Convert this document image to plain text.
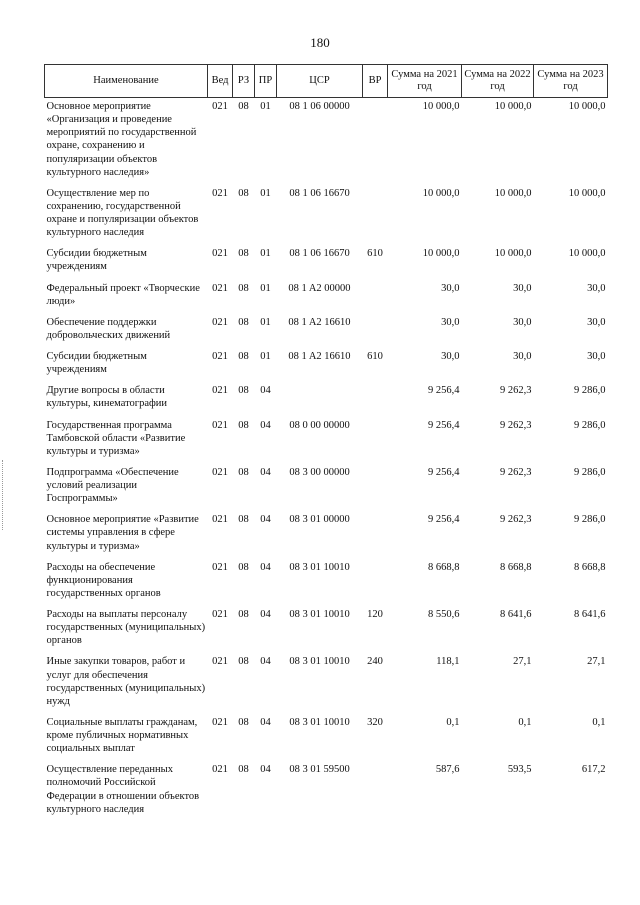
180
Наименование	Вед	РЗ	ПР	ЦСР	ВР	Сумма на 2021 год	Сумма на 2022 год	Сумма на 2023 год
Основное мероприятие «Организация и проведение мероприятий по государственной охране, сохранению и популяризации объектов культурного наследия»	021	08	01	08 1 06 00000		10 000,0	10 000,0	10 000,0
Осуществление мер по сохранению, государственной охране и популяризации объектов культурного наследия	021	08	01	08 1 06 16670		10 000,0	10 000,0	10 000,0
Субсидии бюджетным учреждениям	021	08	01	08 1 06 16670	610	10 000,0	10 000,0	10 000,0
Федеральный проект «Творческие люди»	021	08	01	08 1 A2 00000		30,0	30,0	30,0
Обеспечение поддержки добровольческих движений	021	08	01	08 1 A2 16610		30,0	30,0	30,0
Субсидии бюджетным учреждениям	021	08	01	08 1 A2 16610	610	30,0	30,0	30,0
Другие вопросы в области культуры, кинематографии	021	08	04			9 256,4	9 262,3	9 286,0
Государственная программа Тамбовской области «Развитие культуры и туризма»	021	08	04	08 0 00 00000		9 256,4	9 262,3	9 286,0
Подпрограмма «Обеспечение условий реализации Госпрограммы»	021	08	04	08 3 00 00000		9 256,4	9 262,3	9 286,0
Основное мероприятие «Развитие системы управления в сфере культуры и туризма»	021	08	04	08 3 01 00000		9 256,4	9 262,3	9 286,0
Расходы на обеспечение функционирования государственных органов	021	08	04	08 3 01 10010		8 668,8	8 668,8	8 668,8
Расходы на выплаты персоналу государственных (муниципальных) органов	021	08	04	08 3 01 10010	120	8 550,6	8 641,6	8 641,6
Иные закупки товаров, работ и услуг для обеспечения государственных (муниципальных) нужд	021	08	04	08 3 01 10010	240	118,1	27,1	27,1
Социальные выплаты гражданам, кроме публичных нормативных социальных выплат	021	08	04	08 3 01 10010	320	0,1	0,1	0,1
Осуществление переданных полномочий Российской Федерации в отношении объектов культурного наследия	021	08	04	08 3 01 59500		587,6	593,5	617,2
